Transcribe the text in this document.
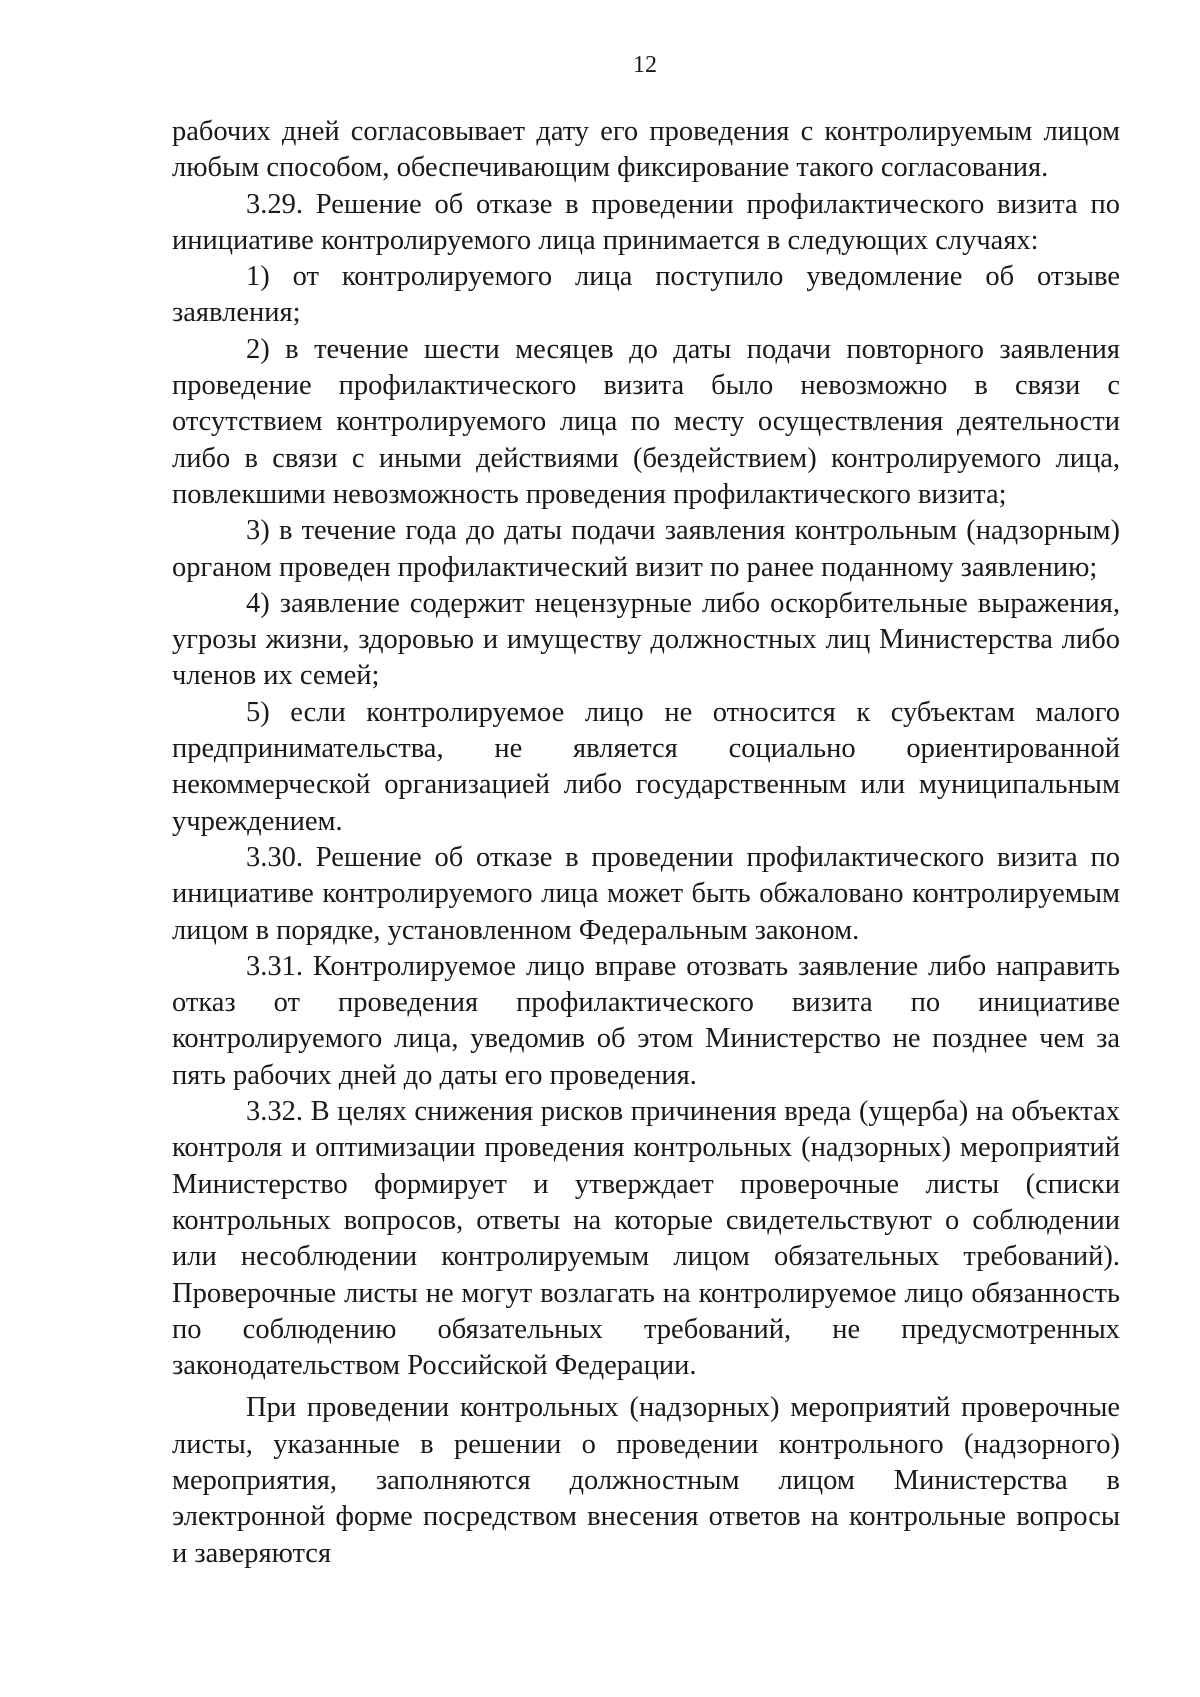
12

рабочих дней согласовывает дату его проведения с контролируемым лицом любым способом, обеспечивающим фиксирование такого согласования.

3.29. Решение об отказе в проведении профилактического визита по инициативе контролируемого лица принимается в следующих случаях:

1) от контролируемого лица поступило уведомление об отзыве заявления;

2) в течение шести месяцев до даты подачи повторного заявления проведение профилактического визита было невозможно в связи с отсутствием контролируемого лица по месту осуществления деятельности либо в связи с иными действиями (бездействием) контролируемого лица, повлекшими невозможность проведения профилактического визита;

3) в течение года до даты подачи заявления контрольным (надзорным) органом проведен профилактический визит по ранее поданному заявлению;

4) заявление содержит нецензурные либо оскорбительные выражения, угрозы жизни, здоровью и имуществу должностных лиц Министерства либо членов их семей;

5) если контролируемое лицо не относится к субъектам малого предпринимательства, не является социально ориентированной некоммерческой организацией либо государственным или муниципальным учреждением.

3.30. Решение об отказе в проведении профилактического визита по инициативе контролируемого лица может быть обжаловано контролируемым лицом в порядке, установленном Федеральным законом.

3.31. Контролируемое лицо вправе отозвать заявление либо направить отказ от проведения профилактического визита по инициативе контролируемого лица, уведомив об этом Министерство не позднее чем за пять рабочих дней до даты его проведения.

3.32. В целях снижения рисков причинения вреда (ущерба) на объектах контроля и оптимизации проведения контрольных (надзорных) мероприятий Министерство формирует и утверждает проверочные листы (списки контрольных вопросов, ответы на которые свидетельствуют о соблюдении или несоблюдении контролируемым лицом обязательных требований). Проверочные листы не могут возлагать на контролируемое лицо обязанность по соблюдению обязательных требований, не предусмотренных законодательством Российской Федерации.

При проведении контрольных (надзорных) мероприятий проверочные листы, указанные в решении о проведении контрольного (надзорного) мероприятия, заполняются должностным лицом Министерства в электронной форме посредством внесения ответов на контрольные вопросы и заверяются
